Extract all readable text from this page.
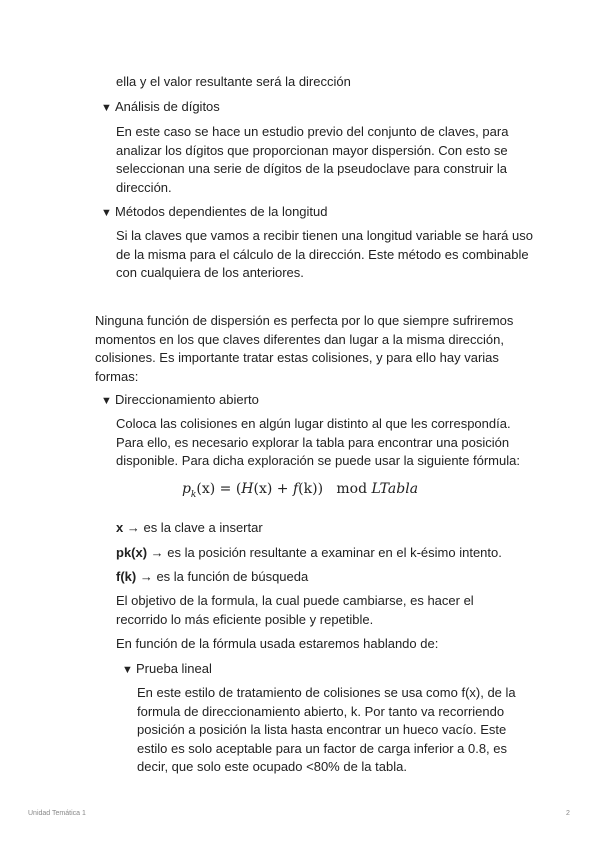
ella y el valor resultante será la dirección
▼ Análisis de dígitos
En este caso se hace un estudio previo del conjunto de claves, para
analizar los dígitos que proporcionan mayor dispersión. Con esto se
seleccionan una serie de dígitos de la pseudoclave para construir la
dirección.
▼ Métodos dependientes de la longitud
Si la claves que vamos a recibir tienen una longitud variable se hará uso
de la misma para el cálculo de la dirección. Este método es combinable
con cualquiera de los anteriores.
Ninguna función de dispersión es perfecta por lo que siempre sufriremos
momentos en los que claves diferentes dan lugar a la misma dirección,
colisiones. Es importante tratar estas colisiones, y para ello hay varias
formas:
▼ Direccionamiento abierto
Coloca las colisiones en algún lugar distinto al que les correspondía.
Para ello, es necesario explorar la tabla para encontrar una posición
disponible. Para dicha exploración se puede usar la siguiente fórmula:
$p_k(x) = (H(x) + f(k))$ mod LTabla
x → es la clave a insertar
pk(x) → es la posición resultante a examinar en el k-ésimo intento.
f(k) → es la función de búsqueda
El objetivo de la formula, la cual puede cambiarse, es hacer el
recorrido lo más eficiente posible y repetible.
En función de la fórmula usada estaremos hablando de:
▼ Prueba lineal
En este estilo de tratamiento de colisiones se usa como f(x), de la
formula de direccionamiento abierto, k. Por tanto va recorriendo
posición a posición la lista hasta encontrar un hueco vacío. Este
estilo es solo aceptable para un factor de carga inferior a 0.8, es
decir, que solo este ocupado <80% de la tabla.
Unidad Temática 1	2
